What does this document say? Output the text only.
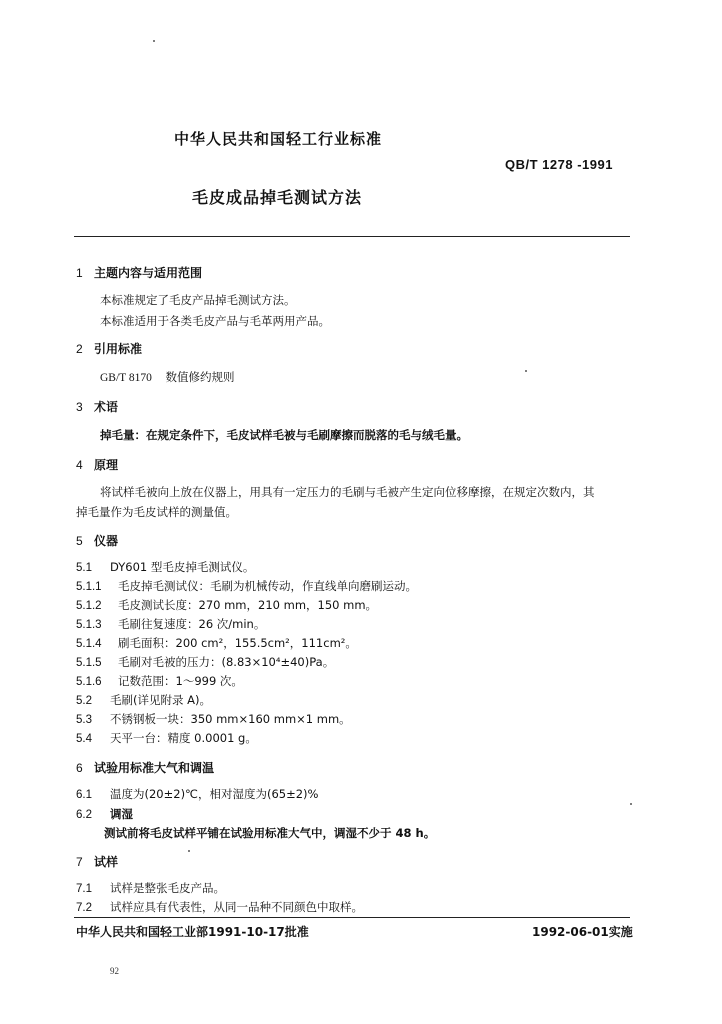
中华人民共和国轻工行业标准
QB/T 1278 -1991
毛皮成品掉毛测试方法
1 主题内容与适用范围
本标准规定了毛皮产品掉毛测试方法。
本标准适用于各类毛皮产品与毛革两用产品。
2 引用标准
GB/T 8170 数值修约规则
3 术语
掉毛量：在规定条件下，毛皮试样毛被与毛刷摩擦而脱落的毛与绒毛量。
4 原理
将试样毛被向上放在仪器上，用具有一定压力的毛刷与毛被产生定向位移摩擦，在规定次数内，其
掉毛量作为毛皮试样的测量值。
5 仪器
5.1 DY601 型毛皮掉毛测试仪。
5.1.1 毛皮掉毛测试仪：毛刷为机械传动，作直线单向磨刷运动。
5.1.2 毛皮测试长度：270 mm，210 mm，150 mm。
5.1.3 毛刷往复速度：26 次/min。
5.1.4 刷毛面积：200 cm²，155.5cm²，111cm²。
5.1.5 毛刷对毛被的压力：(8.83×10⁴±40)Pa。
5.1.6 记数范围：1～999 次。
5.2 毛刷(详见附录 A)。
5.3 不锈钢板一块：350 mm×160 mm×1 mm。
5.4 天平一台：精度 0.0001 g。
6 试验用标准大气和调温
6.1 温度为(20±2)℃，相对湿度为(65±2)%
6.2 调湿
测试前将毛皮试样平铺在试验用标准大气中，调湿不少于 48 h。
7 试样
7.1 试样是整张毛皮产品。
7.2 试样应具有代表性，从同一品种不同颜色中取样。
中华人民共和国轻工业部1991-10-17批准	1992-06-01实施
92
